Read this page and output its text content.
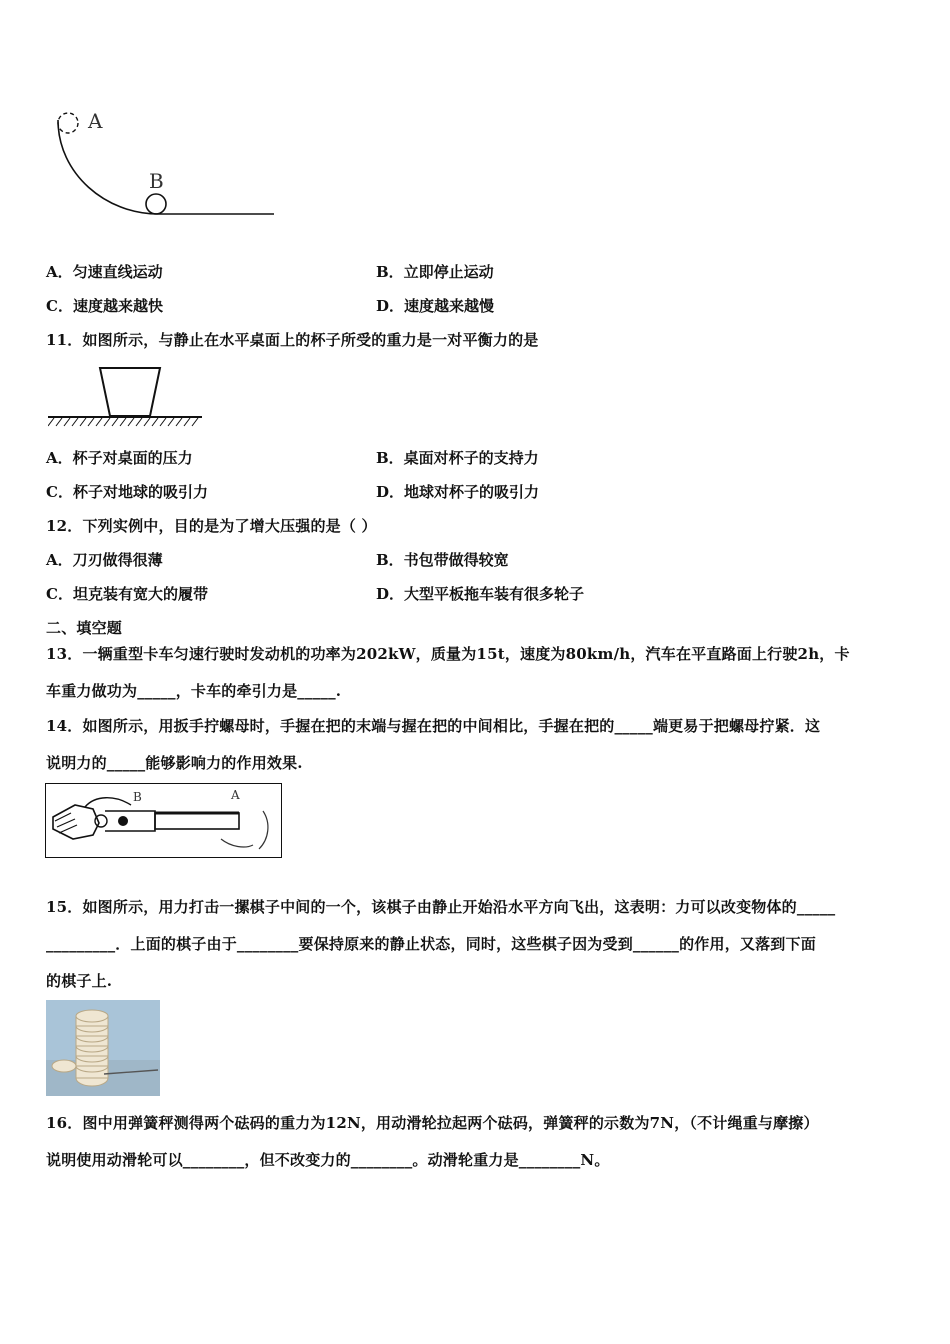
A
B
A．匀速直线运动	B．立即停止运动
C．速度越来越快	D．速度越来越慢
11．如图所示，与静止在水平桌面上的杯子所受的重力是一对平衡力的是
A．杯子对桌面的压力	B．桌面对杯子的支持力
C．杯子对地球的吸引力	D．地球对杯子的吸引力
12．下列实例中，目的是为了增大压强的是（ ）
A．刀刃做得很薄	B．书包带做得较宽
C．坦克装有宽大的履带	D．大型平板拖车装有很多轮子
二、填空题
13．一辆重型卡车匀速行驶时发动机的功率为202kW，质量为15t，速度为80km/h，汽车在平直路面上行驶2h，卡
车重力做功为_____，卡车的牵引力是_____.
14．如图所示，用扳手拧螺母时，手握在把的末端与握在把的中间相比，手握在把的_____端更易于把螺母拧紧．这
说明力的_____能够影响力的作用效果.
B	A
15．如图所示，用力打击一摞棋子中间的一个，该棋子由静止开始沿水平方向飞出，这表明：力可以改变物体的_____
_________．上面的棋子由于________要保持原来的静止状态，同时，这些棋子因为受到______的作用，又落到下面
的棋子上.
16．图中用弹簧秤测得两个砝码的重力为12N，用动滑轮拉起两个砝码，弹簧秤的示数为7N，（不计绳重与摩擦）
说明使用动滑轮可以________，但不改变力的________。动滑轮重力是________N。
